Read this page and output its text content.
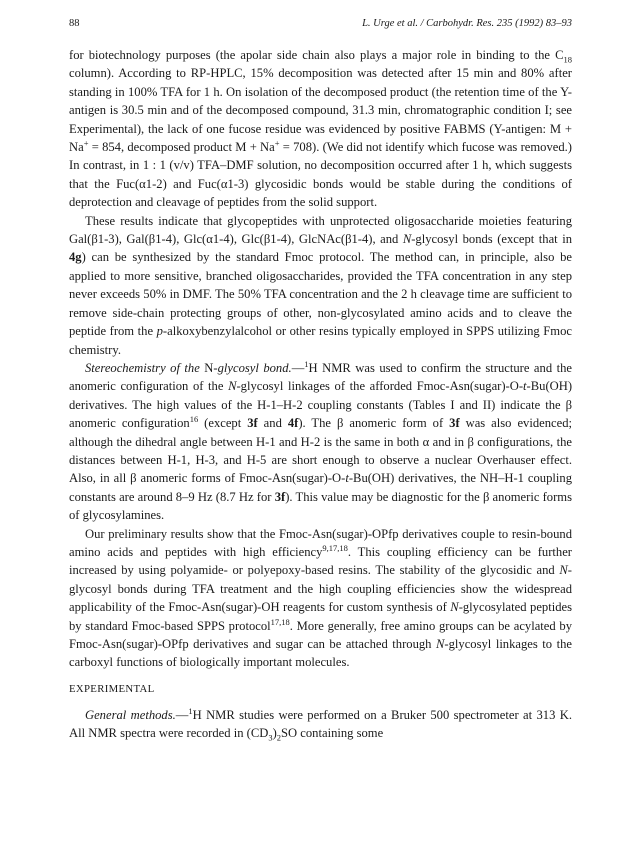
88	L. Urge et al. / Carbohydr. Res. 235 (1992) 83–93

for biotechnology purposes (the apolar side chain also plays a major role in binding to the $C_{18}$ column). According to RP-HPLC, 15% decomposition was detected after 15 min and 80% after standing in 100% TFA for 1 h. On isolation of the decomposed product (the retention time of the Y-antigen is 30.5 min and of the decomposed compound, 31.3 min, chromatographic condition I; see Experimental), the lack of one fucose residue was evidenced by positive FABMS (Y-antigen: M + Na+ = 854, decomposed product M + Na+ = 708). (We did not identify which fucose was removed.) In contrast, in 1 : 1 (v/v) TFA–DMF solution, no decomposition occurred after 1 h, which suggests that the Fuc(α1-2) and Fuc(α1-3) glycosidic bonds would be stable during the conditions of deprotection and cleavage of peptides from the solid support.

These results indicate that glycopeptides with unprotected oligosaccharide moieties featuring Gal(β1-3), Gal(β1-4), Glc(α1-4), Glc(β1-4), GlcNAc(β1-4), and N-glycosyl bonds (except that in 4g) can be synthesized by the standard Fmoc protocol. The method can, in principle, also be applied to more sensitive, branched oligosaccharides, provided the TFA concentration in any step never exceeds 50% in DMF. The 50% TFA concentration and the 2 h cleavage time are sufficient to remove side-chain protecting groups of other, non-glycosylated amino acids and to cleave the peptide from the p-alkoxybenzylalcohol or other resins typically employed in SPPS utilizing Fmoc chemistry.

Stereochemistry of the N-glycosyl bond.—$^1$H NMR was used to confirm the structure and the anomeric configuration of the N-glycosyl linkages of the afforded Fmoc-Asn(sugar)-O-t-Bu(OH) derivatives. The high values of the H-1–H-2 coupling constants (Tables I and II) indicate the β anomeric configuration$^{16}$ (except 3f and 4f). The β anomeric form of 3f was also evidenced; although the dihedral angle between H-1 and H-2 is the same in both α and in β configurations, the distances between H-1, H-3, and H-5 are short enough to observe a nuclear Overhauser effect. Also, in all β anomeric forms of Fmoc-Asn(sugar)-O-t-Bu(OH) derivatives, the NH–H-1 coupling constants are around 8–9 Hz (8.7 Hz for 3f). This value may be diagnostic for the β anomeric forms of glycosylamines.

Our preliminary results show that the Fmoc-Asn(sugar)-OPfp derivatives couple to resin-bound amino acids and peptides with high efficiency$^{9,17,18}$. This coupling efficiency can be further increased by using polyamide- or polyepoxy-based resins. The stability of the glycosidic and N-glycosyl bonds during TFA treatment and the high coupling efficiencies show the widespread applicability of the Fmoc-Asn(sugar)-OH reagents for custom synthesis of N-glycosylated peptides by standard Fmoc-based SPPS protocol$^{17,18}$. More generally, free amino groups can be acylated by Fmoc-Asn(sugar)-OPfp derivatives and sugar can be attached through N-glycosyl linkages to the carboxyl functions of biologically important molecules.

EXPERIMENTAL

General methods.—$^1$H NMR studies were performed on a Bruker 500 spectrometer at 313 K. All NMR spectra were recorded in $(CD_3)_2SO$ containing some
